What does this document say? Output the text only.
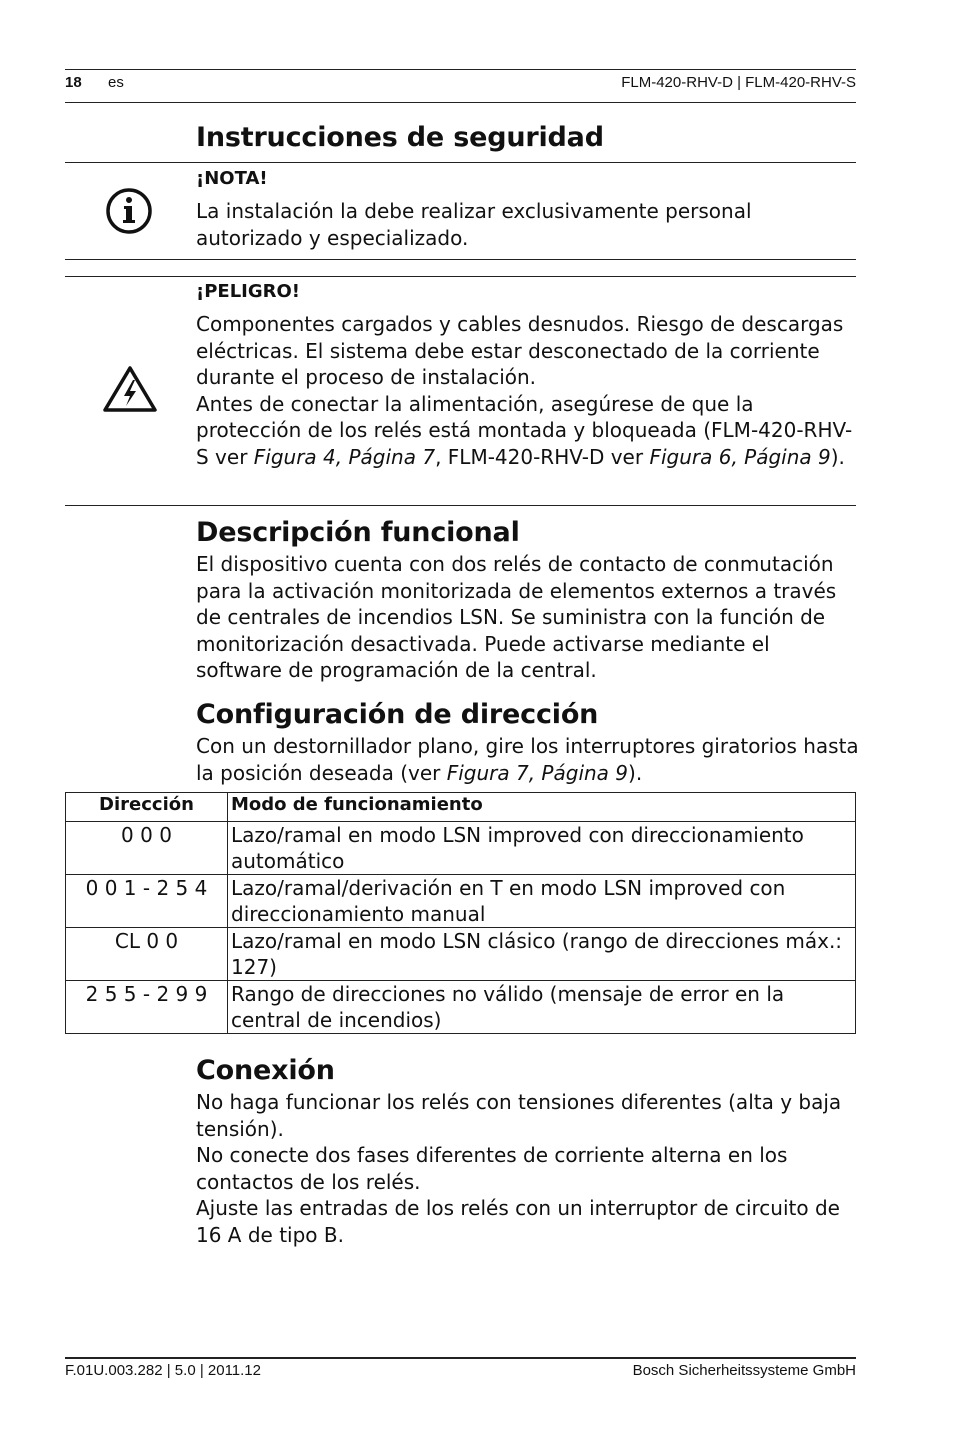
18 es	FLM-420-RHV-D | FLM-420-RHV-S
Instrucciones de seguridad
¡NOTA!

La instalación la debe realizar exclusivamente personal autorizado y especializado.

¡PELIGRO!

Componentes cargados y cables desnudos. Riesgo de descargas eléctricas. El sistema debe estar desconectado de la corriente durante el proceso de instalación.

Antes de conectar la alimentación, asegúrese de que la protección de los relés está montada y bloqueada (FLM-420-RHV-S ver Figura 4, Página 7, FLM-420-RHV-D ver Figura 6, Página 9).

Descripción funcional

El dispositivo cuenta con dos relés de contacto de conmutación para la activación monitorizada de elementos externos a través de centrales de incendios LSN. Se suministra con la función de monitorización desactivada. Puede activarse mediante el software de programación de la central.

Configuración de dirección

Con un destornillador plano, gire los interruptores giratorios hasta la posición deseada (ver Figura 7, Página 9).

Dirección	Modo de funcionamiento
0 0 0	Lazo/ramal en modo LSN improved con direccionamiento automático
0 0 1 - 2 5 4	Lazo/ramal/derivación en T en modo LSN improved con direccionamiento manual
CL 0 0	Lazo/ramal en modo LSN clásico (rango de direcciones máx.: 127)
2 5 5 - 2 9 9	Rango de direcciones no válido (mensaje de error en la central de incendios)
Conexión

No haga funcionar los relés con tensiones diferentes (alta y baja tensión).

No conecte dos fases diferentes de corriente alterna en los contactos de los relés.

Ajuste las entradas de los relés con un interruptor de circuito de 16 A de tipo B.

F.01U.003.282 | 5.0 | 2011.12	Bosch Sicherheitssysteme GmbH
